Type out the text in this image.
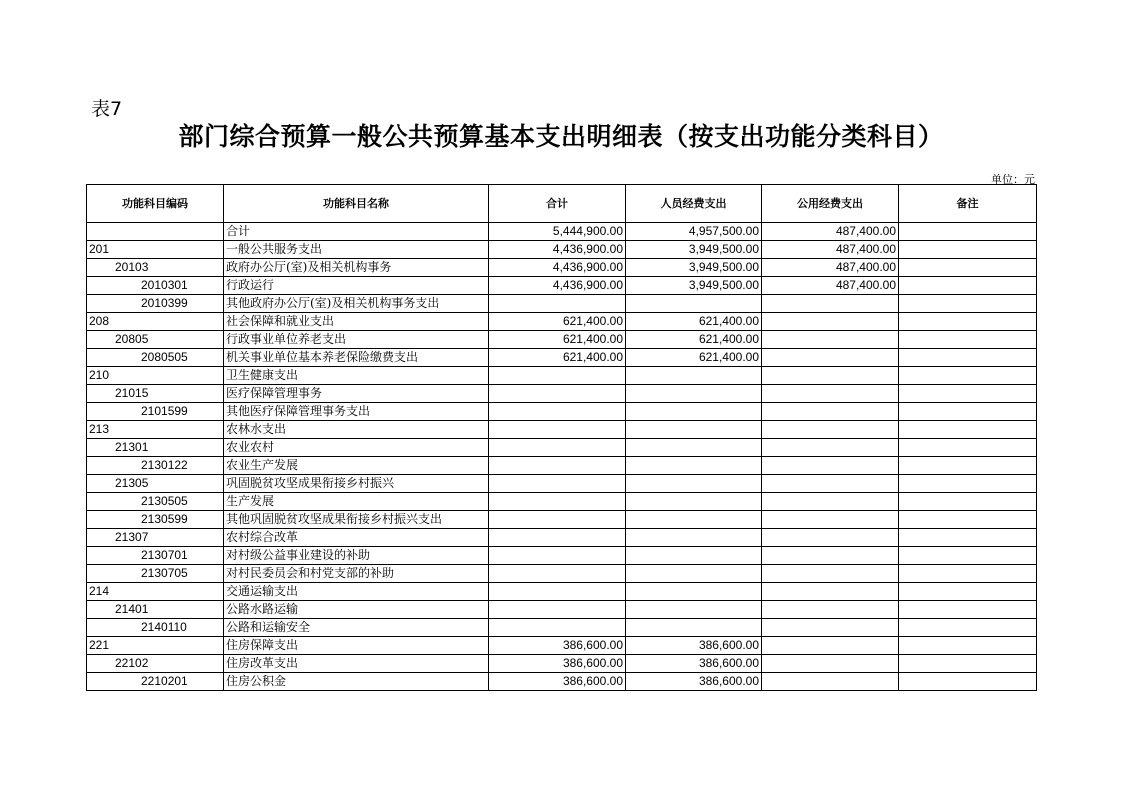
表7
部门综合预算一般公共预算基本支出明细表（按支出功能分类科目）
单位：元
功能科目编码	功能科目名称	合计	人员经费支出	公用经费支出	备注
	合计	5,444,900.00	4,957,500.00	487,400.00	
201	一般公共服务支出	4,436,900.00	3,949,500.00	487,400.00	
20103	政府办公厅(室)及相关机构事务	4,436,900.00	3,949,500.00	487,400.00	
2010301	行政运行	4,436,900.00	3,949,500.00	487,400.00	
2010399	其他政府办公厅(室)及相关机构事务支出				
208	社会保障和就业支出	621,400.00	621,400.00		
20805	行政事业单位养老支出	621,400.00	621,400.00		
2080505	机关事业单位基本养老保险缴费支出	621,400.00	621,400.00		
210	卫生健康支出				
21015	医疗保障管理事务				
2101599	其他医疗保障管理事务支出				
213	农林水支出				
21301	农业农村				
2130122	农业生产发展				
21305	巩固脱贫攻坚成果衔接乡村振兴				
2130505	生产发展				
2130599	其他巩固脱贫攻坚成果衔接乡村振兴支出				
21307	农村综合改革				
2130701	对村级公益事业建设的补助				
2130705	对村民委员会和村党支部的补助				
214	交通运输支出				
21401	公路水路运输				
2140110	公路和运输安全				
221	住房保障支出	386,600.00	386,600.00		
22102	住房改革支出	386,600.00	386,600.00		
2210201	住房公积金	386,600.00	386,600.00		
